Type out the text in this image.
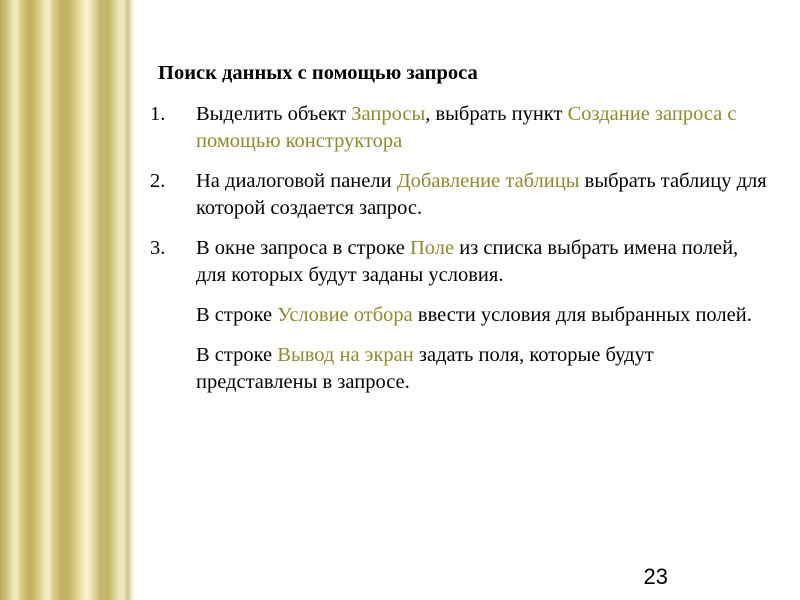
Поиск данных с помощью запроса
1. Выделить объект Запросы, выбрать пункт Создание запроса с помощью конструктора
2. На диалоговой панели Добавление таблицы выбрать таблицу для которой создается запрос.
3. В окне запроса в строке Поле из списка выбрать имена полей, для которых будут заданы условия.
В строке Условие отбора ввести условия для выбранных полей.
В строке Вывод на экран задать поля, которые будут представлены в запросе.
23
